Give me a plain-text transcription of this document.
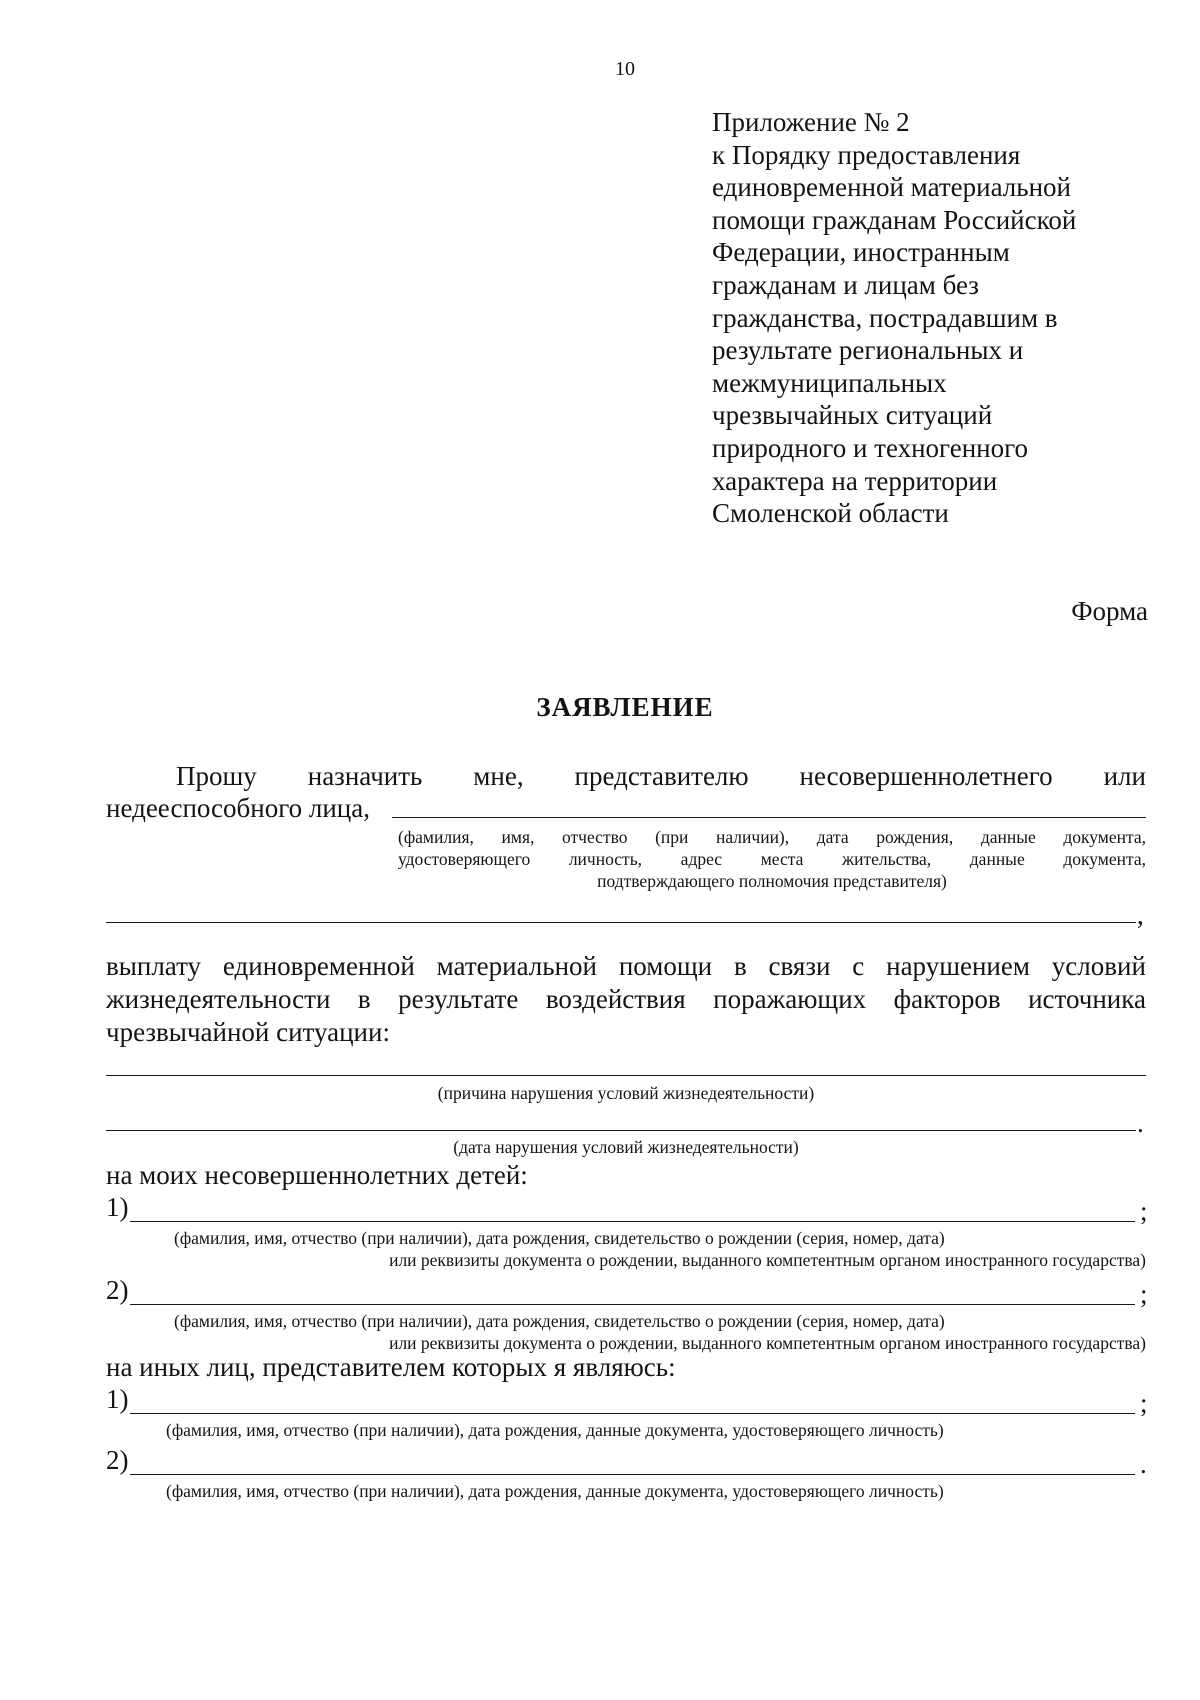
10
Приложение № 2
к Порядку предоставления
единовременной материальной
помощи гражданам Российской
Федерации, иностранным
гражданам и лицам без
гражданства, пострадавшим в
результате региональных и
межмуниципальных
чрезвычайных ситуаций
природного и техногенного
характера на территории
Смоленской области
Форма
ЗАЯВЛЕНИЕ
Прошу назначить мне, представителю несовершеннолетнего или
недееспособного лица,
(фамилия, имя, отчество (при наличии), дата рождения, данные документа,
удостоверяющего личность, адрес места жительства, данные документа,
подтверждающего полномочия представителя)
,
выплату единовременной материальной помощи в связи с нарушением условий
жизнедеятельности в результате воздействия поражающих факторов источника
чрезвычайной ситуации:
(причина нарушения условий жизнедеятельности)
.
(дата нарушения условий жизнедеятельности)
на моих несовершеннолетних детей:
1)	;
(фамилия, имя, отчество (при наличии), дата рождения, свидетельство о рождении (серия, номер, дата)
или реквизиты документа о рождении, выданного компетентным органом иностранного государства)
2)	;
(фамилия, имя, отчество (при наличии), дата рождения, свидетельство о рождении (серия, номер, дата)
или реквизиты документа о рождении, выданного компетентным органом иностранного государства)
на иных лиц, представителем которых я являюсь:
1)	;
(фамилия, имя, отчество (при наличии), дата рождения, данные документа, удостоверяющего личность)
2)	.
(фамилия, имя, отчество (при наличии), дата рождения, данные документа, удостоверяющего личность)
